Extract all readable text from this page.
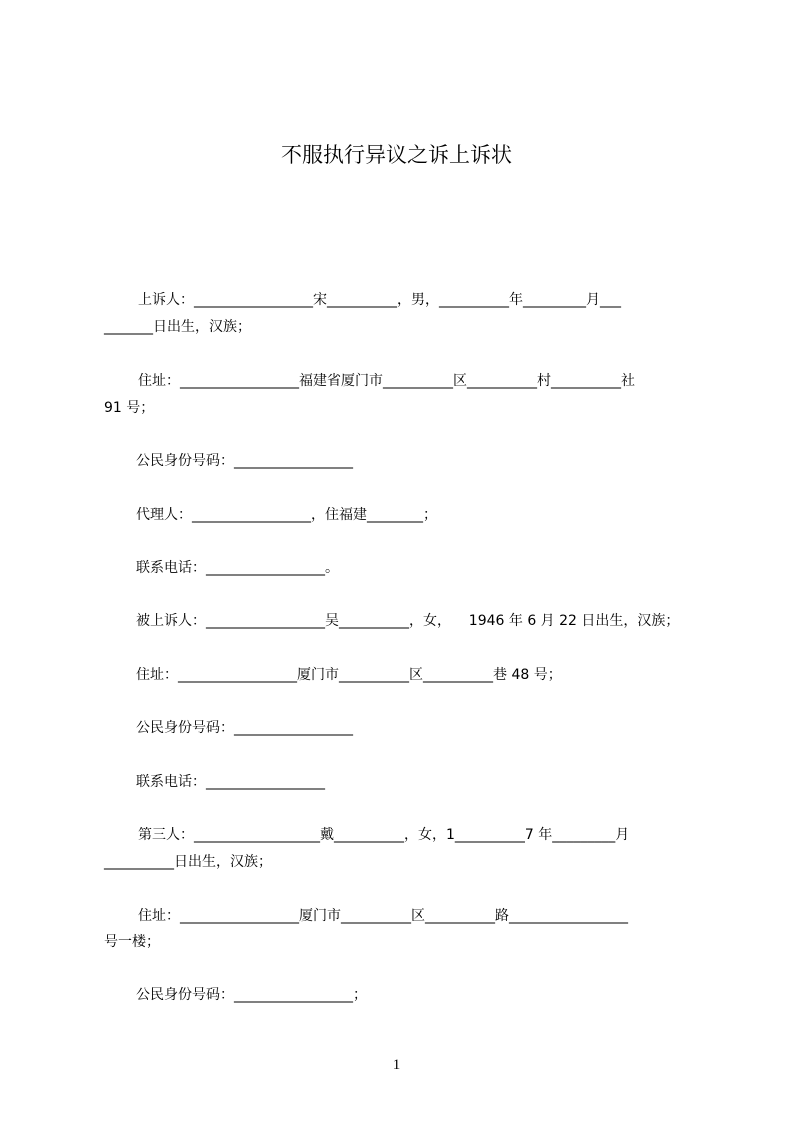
不服执行异议之诉上诉状
上诉人：_________________宋__________，男，__________年_________月___
_______日出生，汉族；
住址：_________________福建省厦门市__________区__________村__________社
91 号；
公民身份号码：_________________
代理人：_________________，住福建________；
联系电话：_________________。
被上诉人：_________________吴__________，女，    1946 年 6 月 22 日出生，汉族；
住址：_________________厦门市__________区__________巷 48 号；
公民身份号码：_________________
联系电话：_________________
第三人：__________________戴__________，女，1__________7 年_________月
__________日出生，汉族；
住址：_________________厦门市__________区__________路_________________
号一楼；
公民身份号码：_________________；
1
